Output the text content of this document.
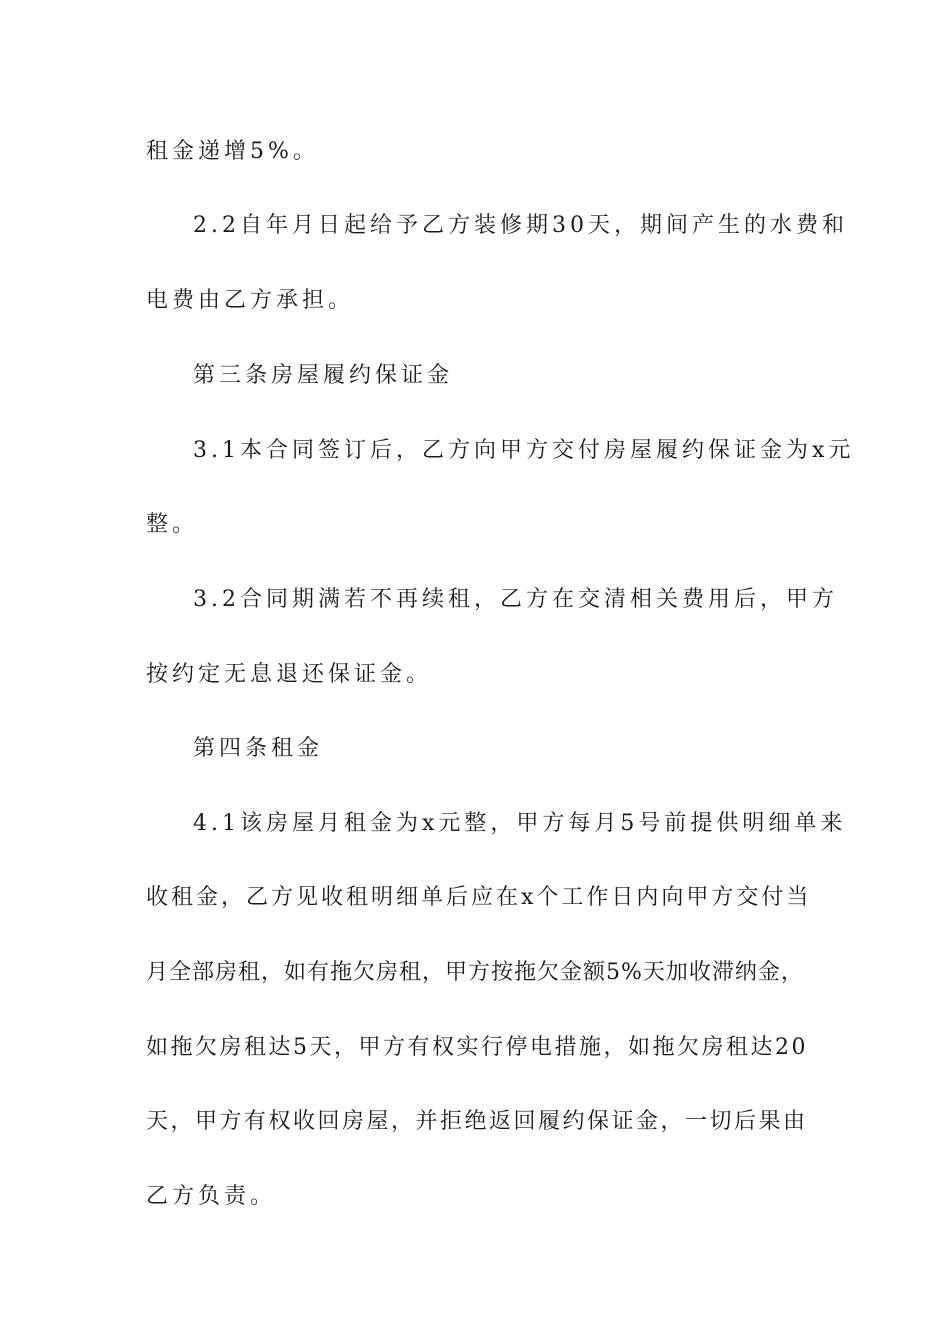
租金递增5%。
2.2自年月日起给予乙方装修期30天，期间产生的水费和
电费由乙方承担。
第三条房屋履约保证金
3.1本合同签订后，乙方向甲方交付房屋履约保证金为x元
整。
3.2合同期满若不再续租，乙方在交清相关费用后，甲方
按约定无息退还保证金。
第四条租金
4.1该房屋月租金为x元整，甲方每月5号前提供明细单来
收租金，乙方见收租明细单后应在x个工作日内向甲方交付当
月全部房租，如有拖欠房租，甲方按拖欠金额5%天加收滞纳金，
如拖欠房租达5天，甲方有权实行停电措施，如拖欠房租达20
天，甲方有权收回房屋，并拒绝返回履约保证金，一切后果由
乙方负责。
